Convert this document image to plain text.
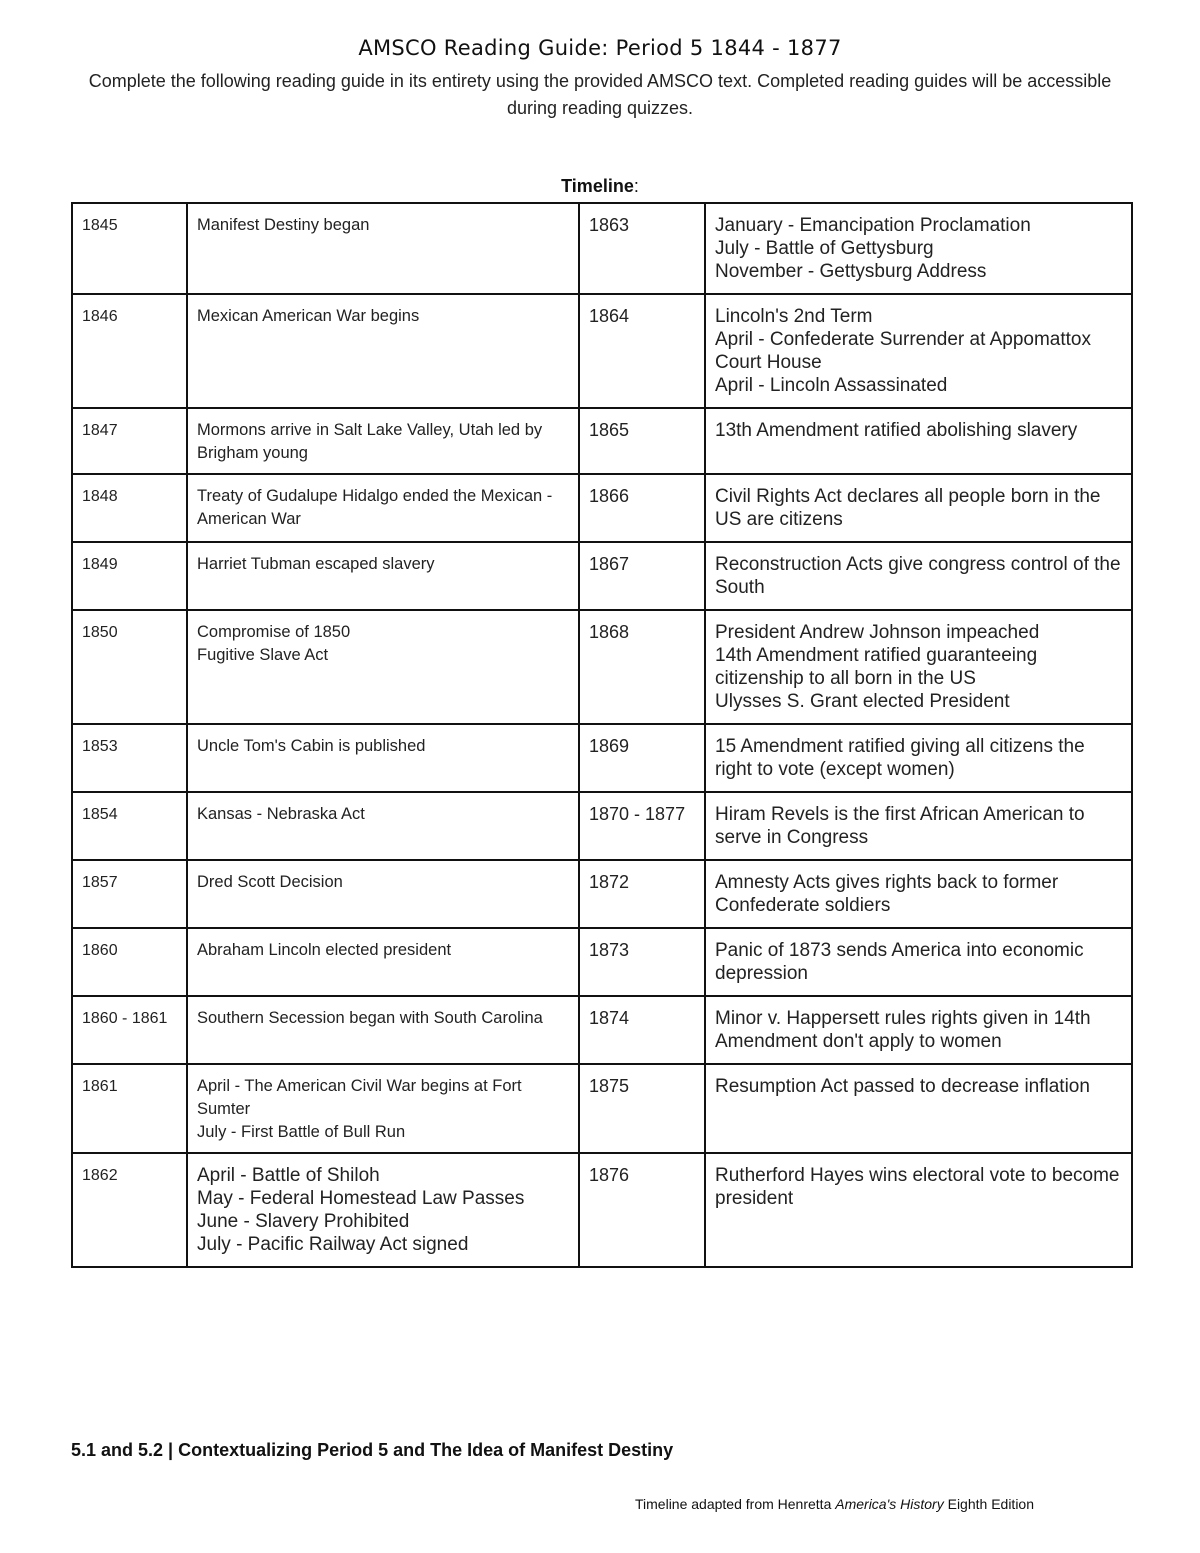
AMSCO Reading Guide: Period 5 1844 - 1877
Complete the following reading guide in its entirety using the provided AMSCO text. Completed reading guides will be accessible during reading quizzes.
Timeline:
1845	Manifest Destiny began	1863	January - Emancipation Proclamation
July - Battle of Gettysburg
November - Gettysburg Address

1846	Mexican American War begins	1864	Lincoln's 2nd Term
April - Confederate Surrender at Appomattox Court House
April - Lincoln Assassinated

1847	Mormons arrive in Salt Lake Valley, Utah led by Brigham young	1865	13th Amendment ratified abolishing slavery

1848	Treaty of Gudalupe Hidalgo ended the Mexican - American War	1866	Civil Rights Act declares all people born in the US are citizens

1849	Harriet Tubman escaped slavery	1867	Reconstruction Acts give congress control of the South

1850	Compromise of 1850
Fugitive Slave Act	1868	President Andrew Johnson impeached
14th Amendment ratified guaranteeing citizenship to all born in the US
Ulysses S. Grant elected President

1853	Uncle Tom's Cabin is published	1869	15 Amendment ratified giving all citizens the right to vote (except women)

1854	Kansas - Nebraska Act	1870 - 1877	Hiram Revels is the first African American to serve in Congress

1857	Dred Scott Decision	1872	Amnesty Acts gives rights back to former Confederate soldiers

1860	Abraham Lincoln elected president	1873	Panic of 1873 sends America into economic depression

1860 - 1861	Southern Secession began with South Carolina	1874	Minor v. Happersett rules rights given in 14th Amendment don't apply to women

1861	April - The American Civil War begins at Fort Sumter
July - First Battle of Bull Run	1875	Resumption Act passed to decrease inflation

1862	April - Battle of Shiloh
May - Federal Homestead Law Passes
June - Slavery Prohibited
July - Pacific Railway Act signed	1876	Rutherford Hayes wins electoral vote to become president
5.1 and 5.2 | Contextualizing Period 5 and The Idea of Manifest Destiny
Timeline adapted from Henretta America's History Eighth Edition
